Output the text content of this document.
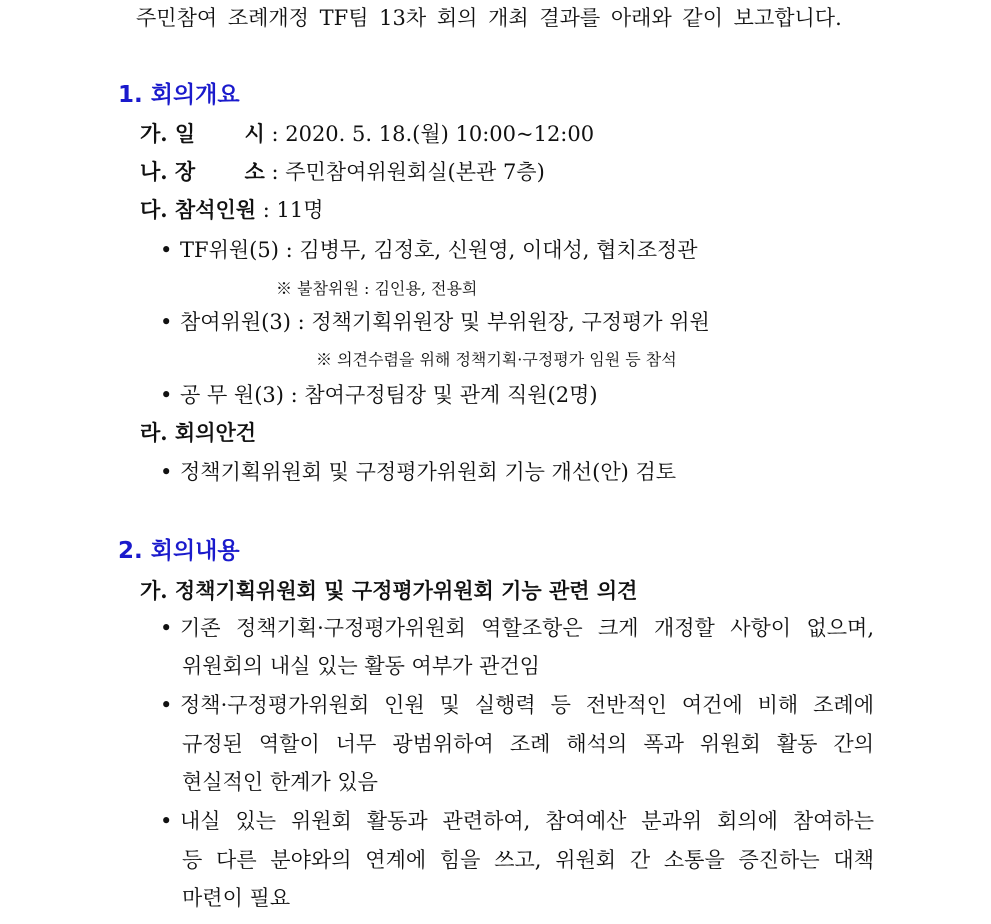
주민참여 조례개정 TF팀 13차 회의 개최 결과를 아래와 같이 보고합니다.
1. 회의개요
가. 일　 　시 : 2020. 5. 18.(월) 10:00~12:00
나. 장　 　소 : 주민참여위원회실(본관 7층)
다. 참석인원 : 11명
• TF위원(5) : 김병무, 김정호, 신원영, 이대성, 협치조정관
※ 불참위원 : 김인용, 전용희
• 참여위원(3) : 정책기획위원장 및 부위원장, 구정평가 위원
※ 의견수렴을 위해 정책기획·구정평가 임원 등 참석
• 공 무 원(3) : 참여구정팀장 및 관계 직원(2명)
라. 회의안건
• 정책기획위원회 및 구정평가위원회 기능 개선(안) 검토
2. 회의내용
가. 정책기획위원회 및 구정평가위원회 기능 관련 의견
• 기존 정책기획·구정평가위원회 역할조항은 크게 개정할 사항이 없으며,
위원회의 내실 있는 활동 여부가 관건임
• 정책·구정평가위원회 인원 및 실행력 등 전반적인 여건에 비해 조례에
규정된 역할이 너무 광범위하여 조례 해석의 폭과 위원회 활동 간의
현실적인 한계가 있음
• 내실 있는 위원회 활동과 관련하여, 참여예산 분과위 회의에 참여하는
등 다른 분야와의 연계에 힘을 쓰고, 위원회 간 소통을 증진하는 대책
마련이 필요
